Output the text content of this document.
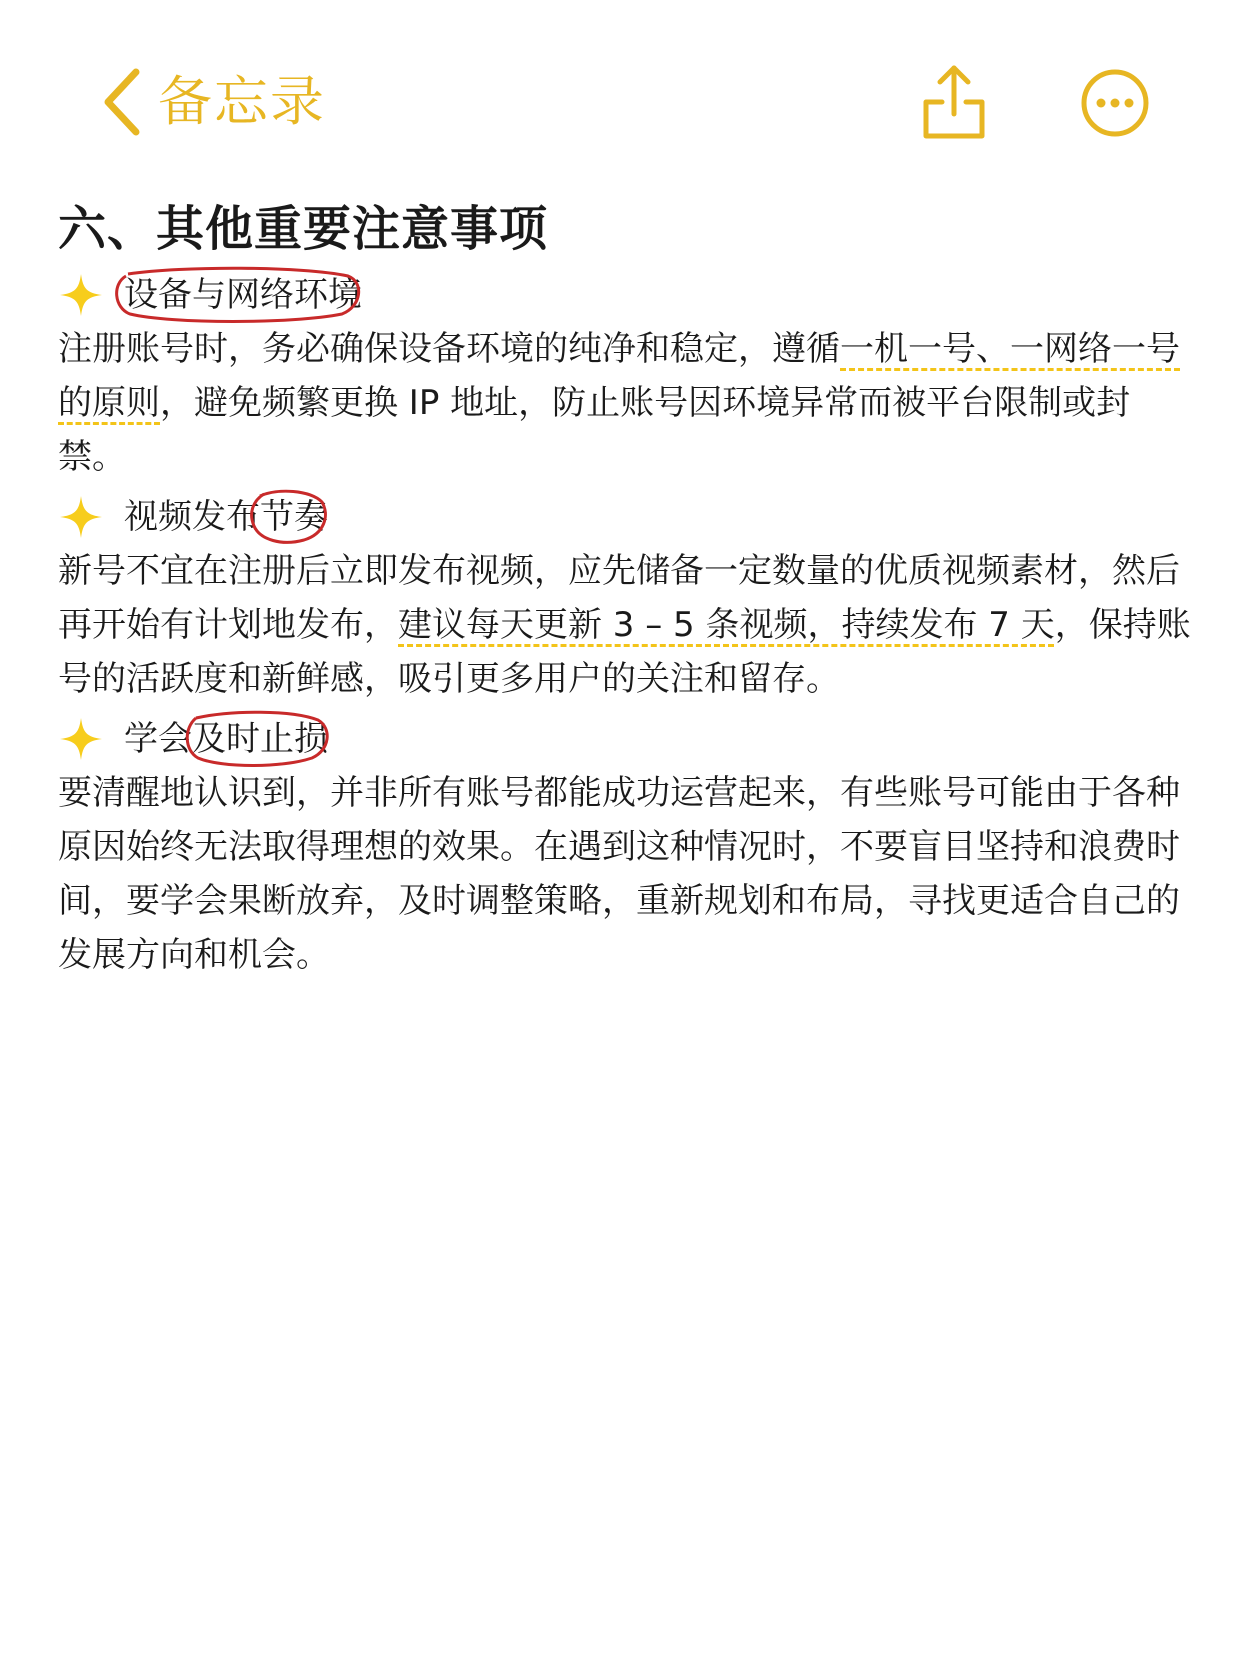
备忘录
六、其他重要注意事项
设备与网络环境

注册账号时，务必确保设备环境的纯净和稳定，遵循一机一号、一网络一号的原则，避免频繁更换 IP 地址，防止账号因环境异常而被平台限制或封禁。

视频发布节奏

新号不宜在注册后立即发布视频，应先储备一定数量的优质视频素材，然后再开始有计划地发布，建议每天更新 3 – 5 条视频，持续发布 7 天，保持账号的活跃度和新鲜感，吸引更多用户的关注和留存。

学会及时止损

要清醒地认识到，并非所有账号都能成功运营起来，有些账号可能由于各种原因始终无法取得理想的效果。在遇到这种情况时，不要盲目坚持和浪费时间，要学会果断放弃，及时调整策略，重新规划和布局，寻找更适合自己的发展方向和机会。
